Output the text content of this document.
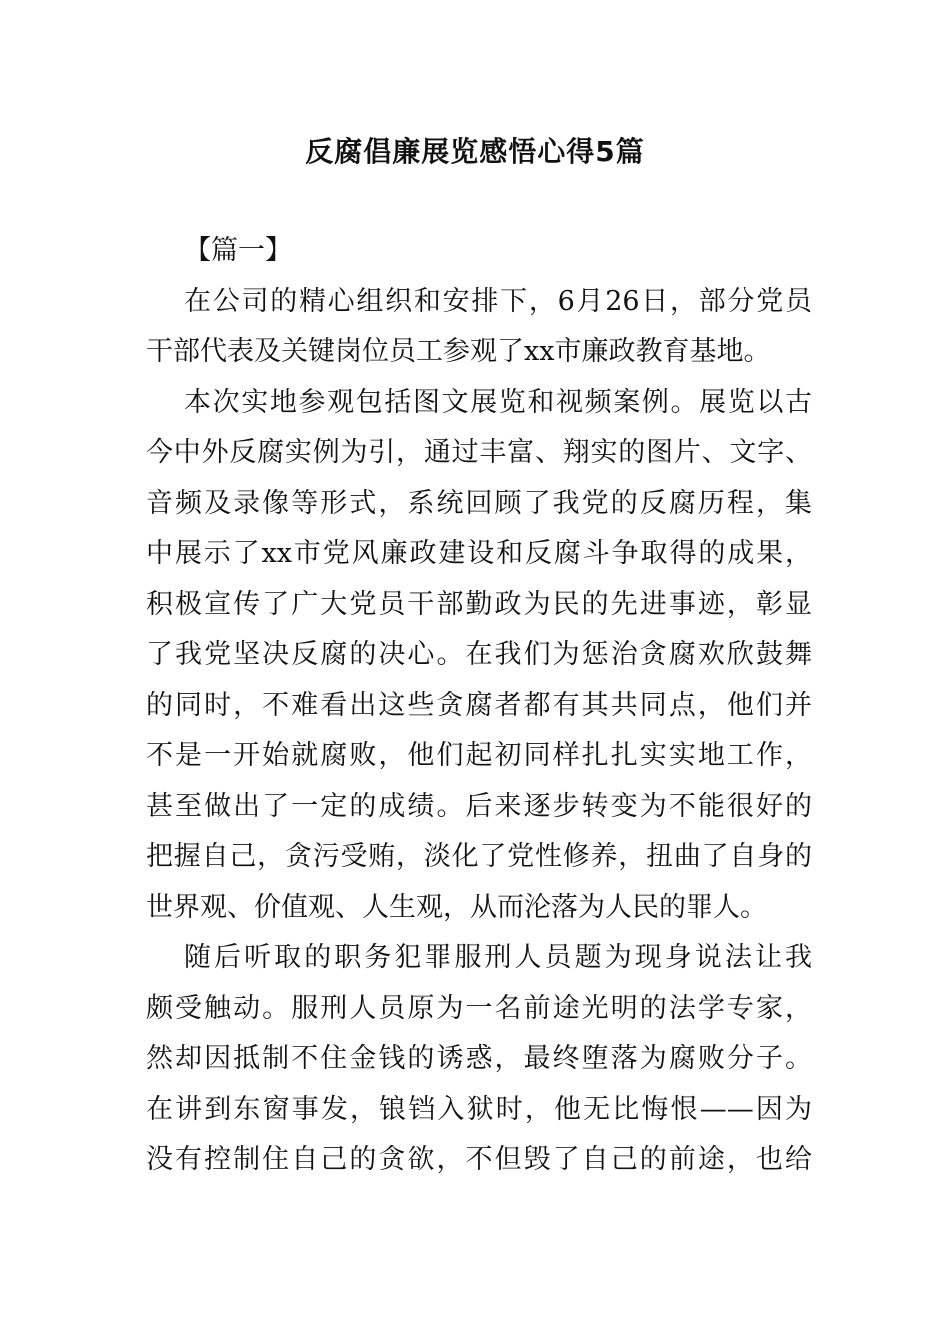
反腐倡廉展览感悟心得5篇
【篇一】
在公司的精心组织和安排下，6月26日，部分党员
干部代表及关键岗位员工参观了xx市廉政教育基地。
本次实地参观包括图文展览和视频案例。展览以古
今中外反腐实例为引，通过丰富、翔实的图片、文字、
音频及录像等形式，系统回顾了我党的反腐历程，集
中展示了xx市党风廉政建设和反腐斗争取得的成果，
积极宣传了广大党员干部勤政为民的先进事迹，彰显
了我党坚决反腐的决心。在我们为惩治贪腐欢欣鼓舞
的同时，不难看出这些贪腐者都有其共同点，他们并
不是一开始就腐败，他们起初同样扎扎实实地工作，
甚至做出了一定的成绩。后来逐步转变为不能很好的
把握自己，贪污受贿，淡化了党性修养，扭曲了自身的
世界观、价值观、人生观，从而沦落为人民的罪人。
随后听取的职务犯罪服刑人员题为现身说法让我
颇受触动。服刑人员原为一名前途光明的法学专家，
然却因抵制不住金钱的诱惑，最终堕落为腐败分子。
在讲到东窗事发，锒铛入狱时，他无比悔恨——因为
没有控制住自己的贪欲，不但毁了自己的前途，也给
